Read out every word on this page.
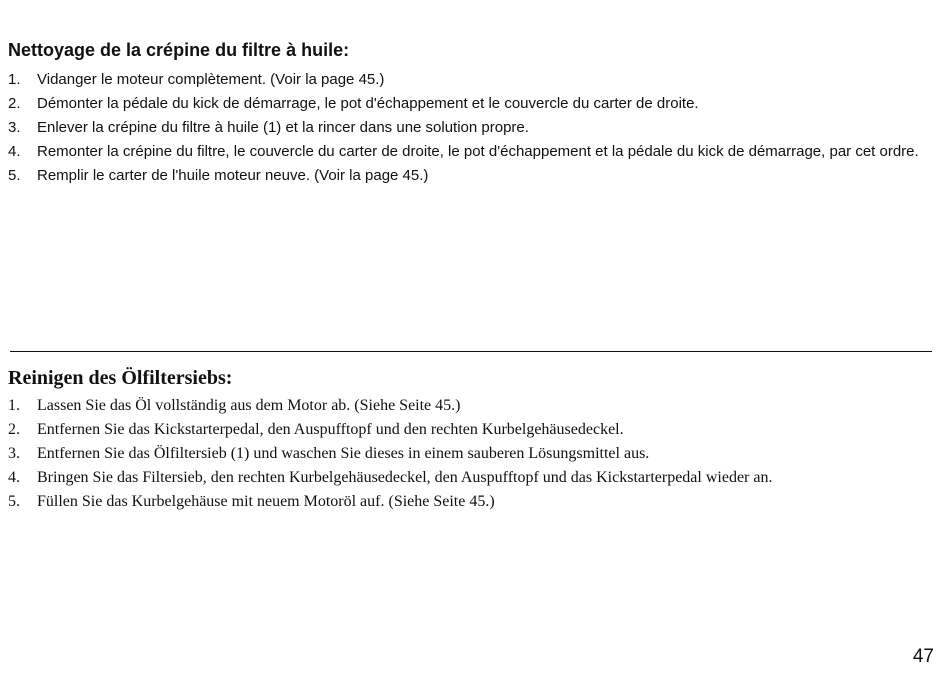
Nettoyage de la crépine du filtre à huile:
1.	Vidanger le moteur complètement. (Voir la page 45.)
2.	Démonter la pédale du kick de démarrage, le pot d'échappement et le couvercle du carter de droite.
3.	Enlever la crépine du filtre à huile (1) et la rincer dans une solution propre.
4.	Remonter la crépine du filtre, le couvercle du carter de droite, le pot d'échappement et la pédale du kick de démarrage, par cet ordre.
5.	Remplir le carter de l'huile moteur neuve. (Voir la page 45.)
Reinigen des Ölfiltersiebs:
1.	Lassen Sie das Öl vollständig aus dem Motor ab. (Siehe Seite 45.)
2.	Entfernen Sie das Kickstarterpedal, den Auspufftopf und den rechten Kurbelgehäusedeckel.
3.	Entfernen Sie das Ölfiltersieb (1) und waschen Sie dieses in einem sauberen Lösungsmittel aus.
4.	Bringen Sie das Filtersieb, den rechten Kurbelgehäusedeckel, den Auspufftopf und das Kickstarterpedal wieder an.
5.	Füllen Sie das Kurbelgehäuse mit neuem Motoröl auf. (Siehe Seite 45.)
47
